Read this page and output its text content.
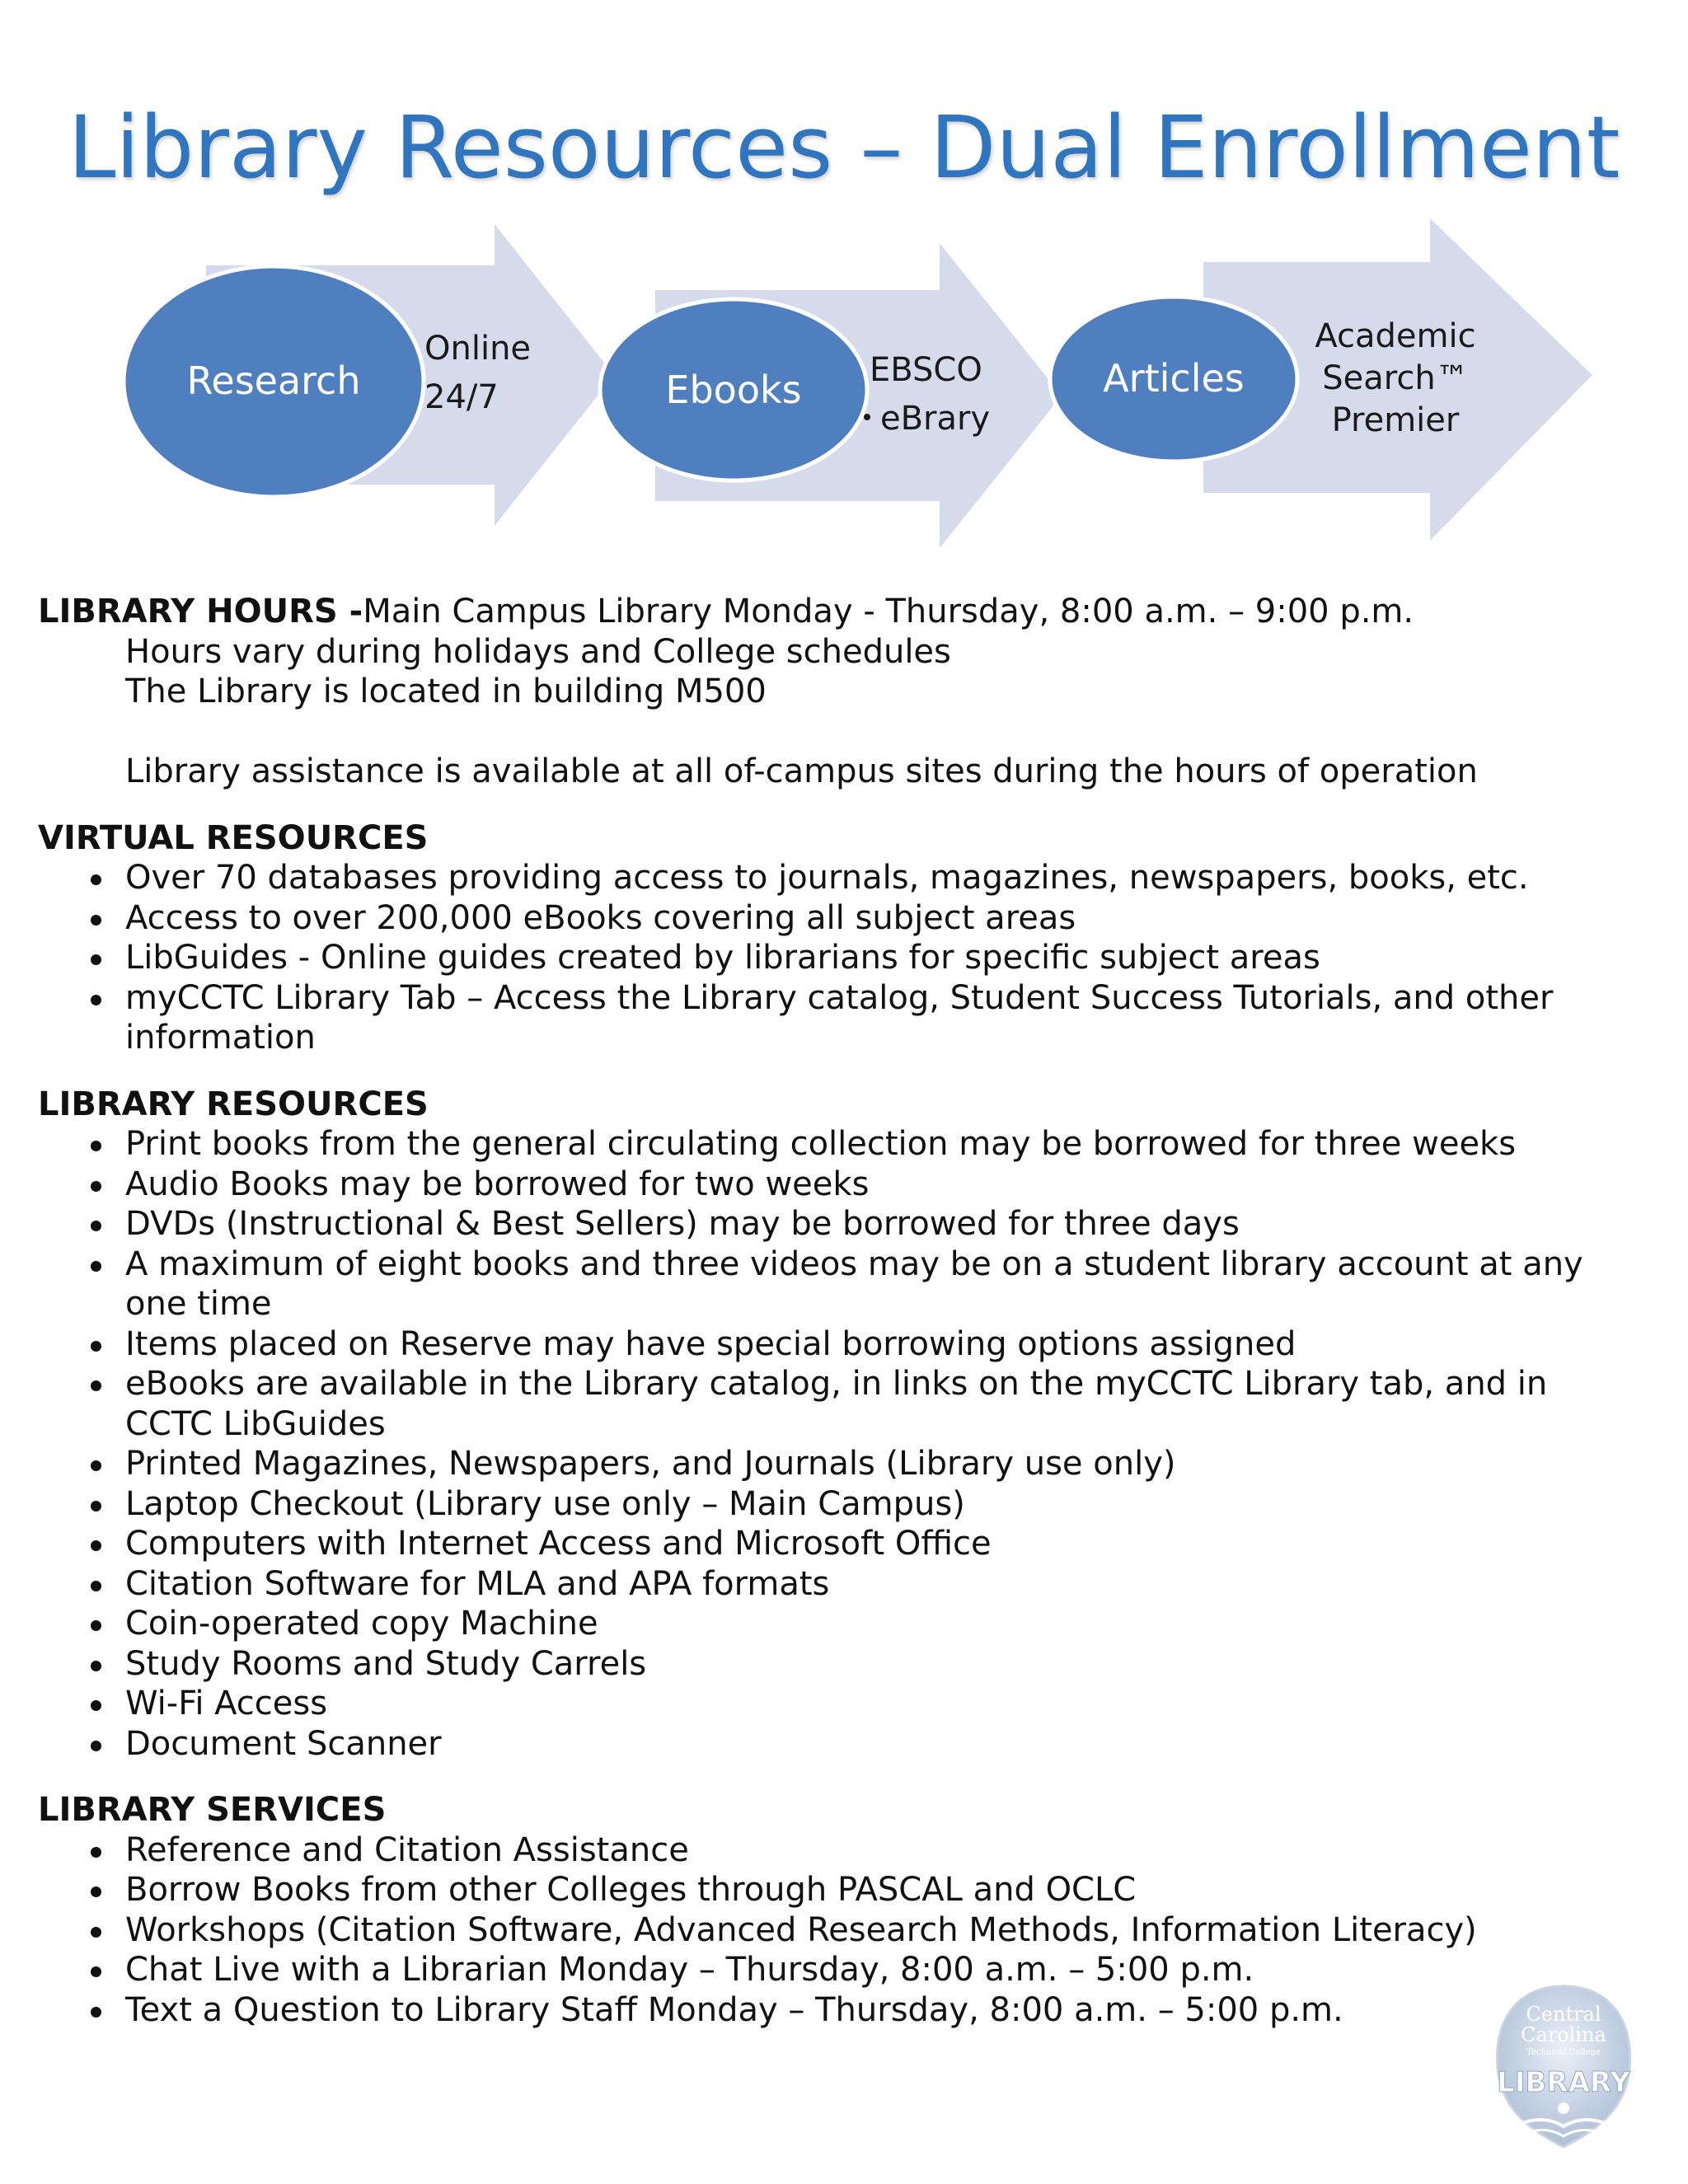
Library Resources – Dual Enrollment
Research	Ebooks	Articles
Online
24/7
EBSCO
eBrary
Academic
Search™
Premier
LIBRARY HOURS -Main Campus Library Monday - Thursday, 8:00 a.m. – 9:00 p.m.
Hours vary during holidays and College schedules
The Library is located in building M500
Library assistance is available at all of-campus sites during the hours of operation
VIRTUAL RESOURCES
Over 70 databases providing access to journals, magazines, newspapers, books, etc.
Access to over 200,000 eBooks covering all subject areas
LibGuides - Online guides created by librarians for specific subject areas
myCCTC Library Tab – Access the Library catalog, Student Success Tutorials, and other information
LIBRARY RESOURCES
Print books from the general circulating collection may be borrowed for three weeks
Audio Books may be borrowed for two weeks
DVDs (Instructional & Best Sellers) may be borrowed for three days
A maximum of eight books and three videos may be on a student library account at any one time
Items placed on Reserve may have special borrowing options assigned
eBooks are available in the Library catalog, in links on the myCCTC Library tab, and in CCTC LibGuides
Printed Magazines, Newspapers, and Journals (Library use only)
Laptop Checkout (Library use only – Main Campus)
Computers with Internet Access and Microsoft Office
Citation Software for MLA and APA formats
Coin-operated copy Machine
Study Rooms and Study Carrels
Wi-Fi Access
Document Scanner
LIBRARY SERVICES
Reference and Citation Assistance
Borrow Books from other Colleges through PASCAL and OCLC
Workshops (Citation Software, Advanced Research Methods, Information Literacy)
Chat Live with a Librarian Monday – Thursday, 8:00 a.m. – 5:00 p.m.
Text a Question to Library Staff Monday – Thursday, 8:00 a.m. – 5:00 p.m.	Central
Carolina
Technical College
LIBRARY
